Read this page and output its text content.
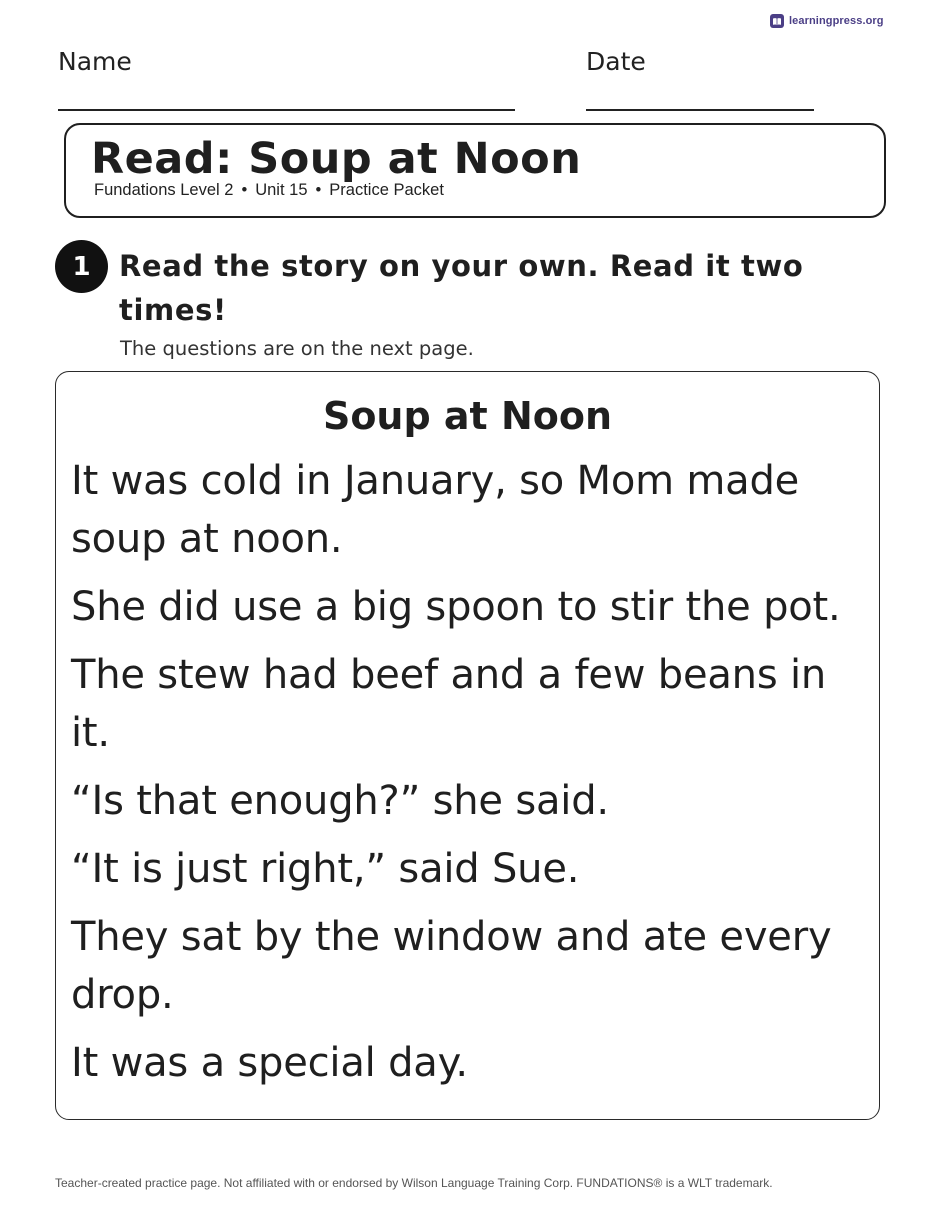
learningpress.org
Name	Date
Read: Soup at Noon
Fundations Level 2 • Unit 15 • Practice Packet
1 Read the story on your own. Read it two times!

The questions are on the next page.
Soup at Noon
It was cold in January, so Mom made soup at noon.
She did use a big spoon to stir the pot.
The stew had beef and a few beans in it.
“Is that enough?” she said.
“It is just right,” said Sue.
They sat by the window and ate every drop.
It was a special day.
Teacher-created practice page. Not affiliated with or endorsed by Wilson Language Training Corp. FUNDATIONS® is a WLT trademark.
